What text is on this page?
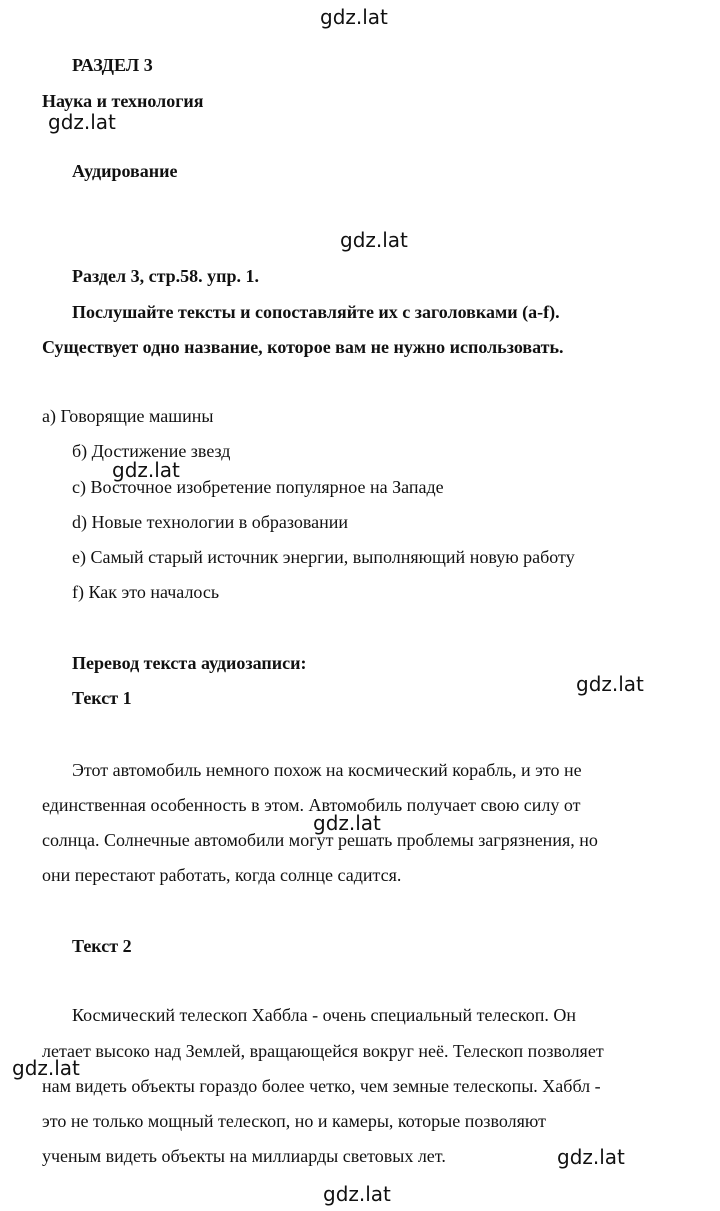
РАЗДЕЛ 3
Наука и технология
Аудирование
Раздел 3, стр.58. упр. 1.
Послушайте тексты и сопоставляйте их с заголовками (a-f).
Существует одно название, которое вам не нужно использовать.
a) Говорящие машины
б) Достижение звезд
c) Восточное изобретение популярное на Западе
d) Новые технологии в образовании
e) Самый старый источник энергии, выполняющий новую работу
f) Как это началось
Перевод текста аудиозаписи:
Текст 1
Этот автомобиль немного похож на космический корабль, и это не
единственная особенность в этом. Автомобиль получает свою силу от
солнца. Солнечные автомобили могут решать проблемы загрязнения, но
они перестают работать, когда солнце садится.
Текст 2
Космический телескоп Хаббла - очень специальный телескоп. Он
летает высоко над Землей, вращающейся вокруг неё. Телескоп позволяет
нам видеть объекты гораздо более четко, чем земные телескопы. Хаббл -
это не только мощный телескоп, но и камеры, которые позволяют
ученым видеть объекты на миллиарды световых лет.
gdz.lat
gdz.lat
gdz.lat
gdz.lat
gdz.lat
gdz.lat
gdz.lat
gdz.lat
gdz.lat
